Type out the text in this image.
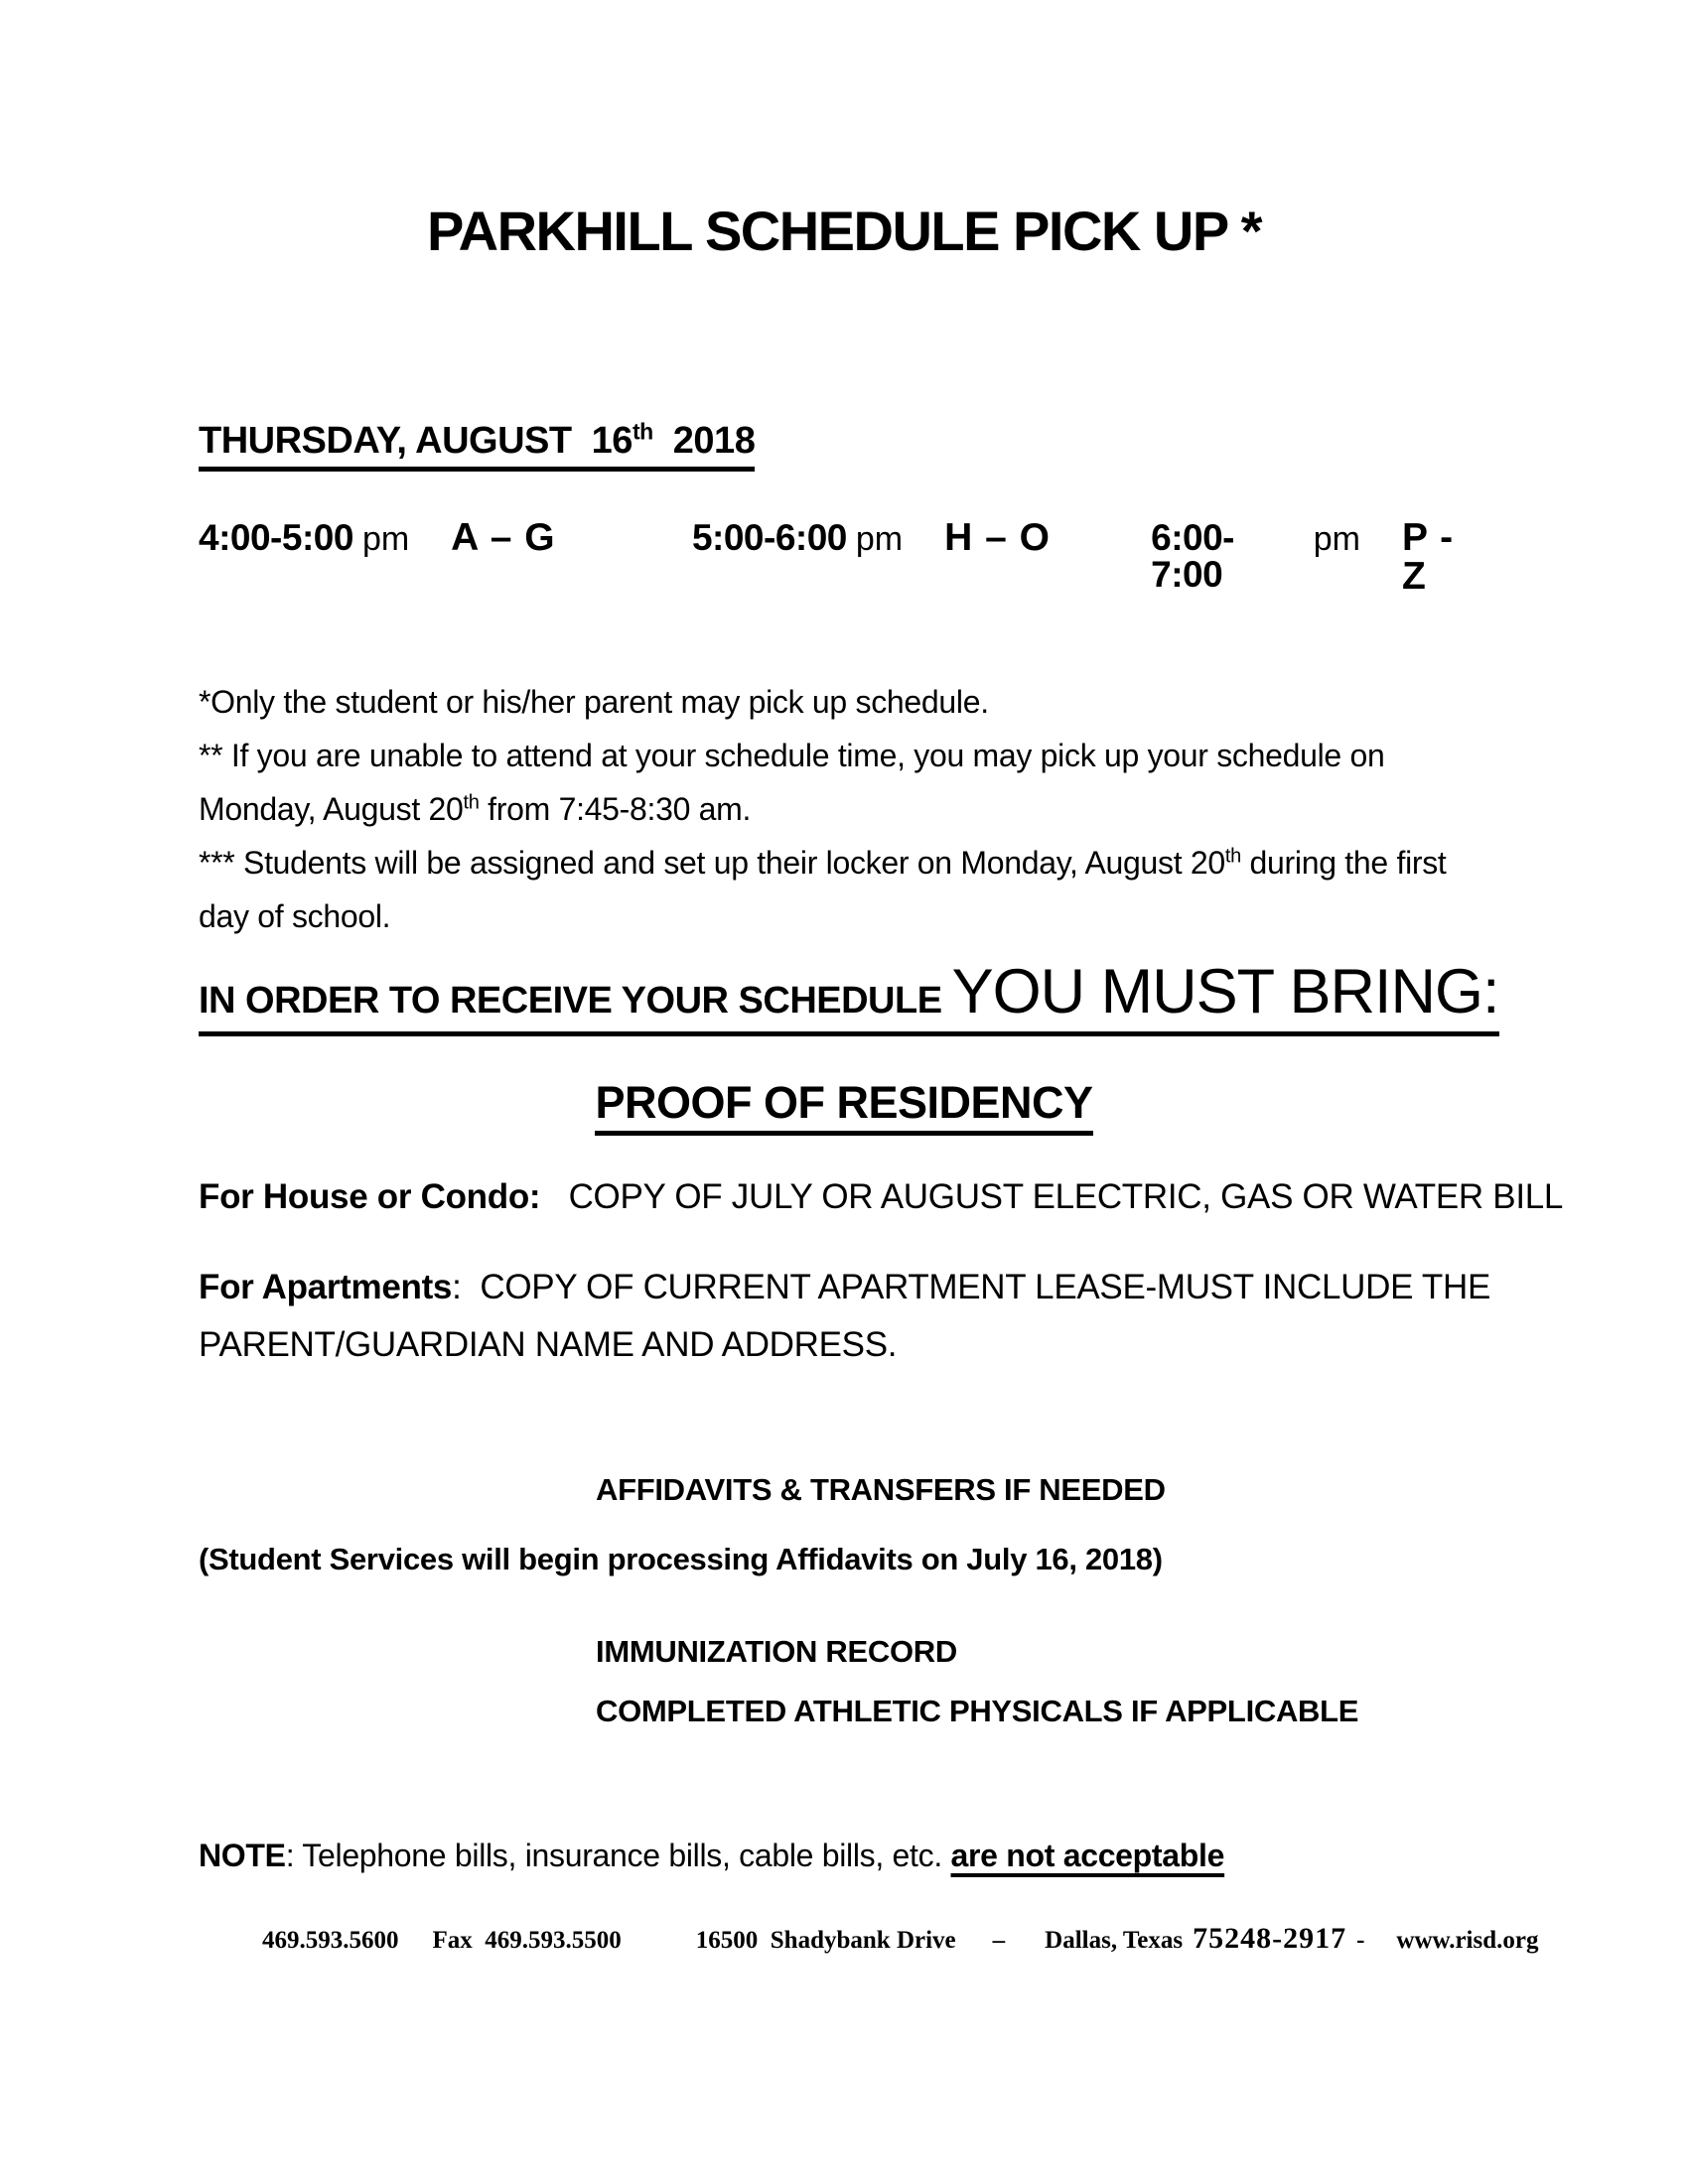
PARKHILL SCHEDULE PICK UP *
THURSDAY, AUGUST  16th  2018
4:00-5:00 pm A – G	5:00-6:00 pm H – O	6:00-7:00
pm P - Z
*Only the student or his/her parent may pick up schedule.
** If you are unable to attend at your schedule time, you may pick up your schedule on
Monday, August 20th from 7:45-8:30 am.
*** Students will be assigned and set up their locker on Monday, August 20th during the first
day of school.
IN ORDER TO RECEIVE YOUR SCHEDULE YOU MUST BRING:
PROOF OF RESIDENCY
For House or Condo:   COPY OF JULY OR AUGUST ELECTRIC, GAS OR WATER BILL
For Apartments:  COPY OF CURRENT APARTMENT LEASE-MUST INCLUDE THE
PARENT/GUARDIAN NAME AND ADDRESS.
AFFIDAVITS & TRANSFERS IF NEEDED
(Student Services will begin processing Affidavits on July 16, 2018)
IMMUNIZATION RECORD
COMPLETED ATHLETIC PHYSICALS IF APPLICABLE
NOTE: Telephone bills, insurance bills, cable bills, etc. are not acceptable
469.593.5600 Fax  469.593.5500	16500  Shadybank Drive – Dallas, Texas 75248-2917 - www.risd.org
